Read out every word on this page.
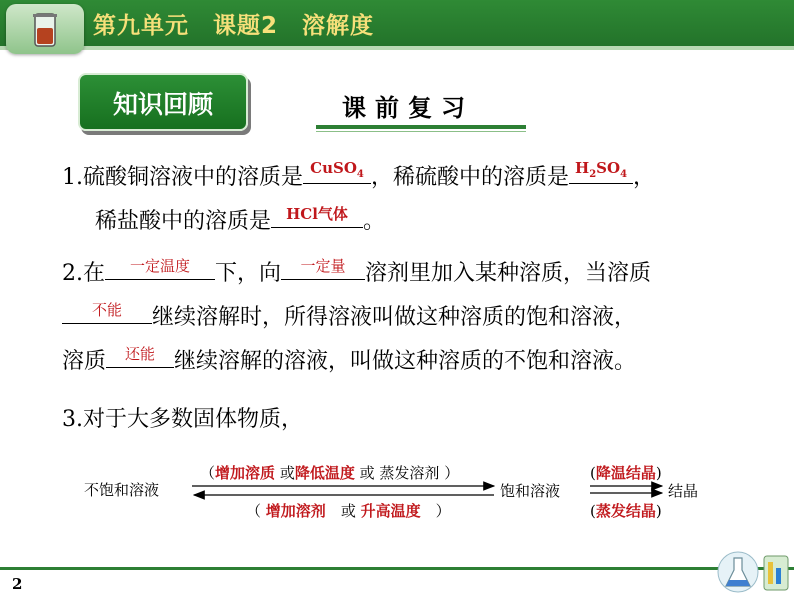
第九单元　课题2　溶解度
知识回顾	课前复习
1.硫酸铜溶液中的溶质是 CuSO$_4$ ，稀硫酸中的溶质是 $H_2SO_4$ ，
稀盐酸中的溶质是	HCl气体 。
2.在	一定温度	下，向	一定量 溶剂里加入某种溶质，当溶质
不能	继续溶解时，所得溶液叫做这种溶质的饱和溶液，
溶质	还能 继续溶解的溶液，叫做这种溶质的不饱和溶液。
3.对于大多数固体物质，
不饱和溶液	饱和溶液	结晶
（增加溶质 或降低温度 或 蒸发溶剂 ）
（ 增加溶剂　 或 升高温度　 ）
(降温结晶)
(蒸发结晶)
2
